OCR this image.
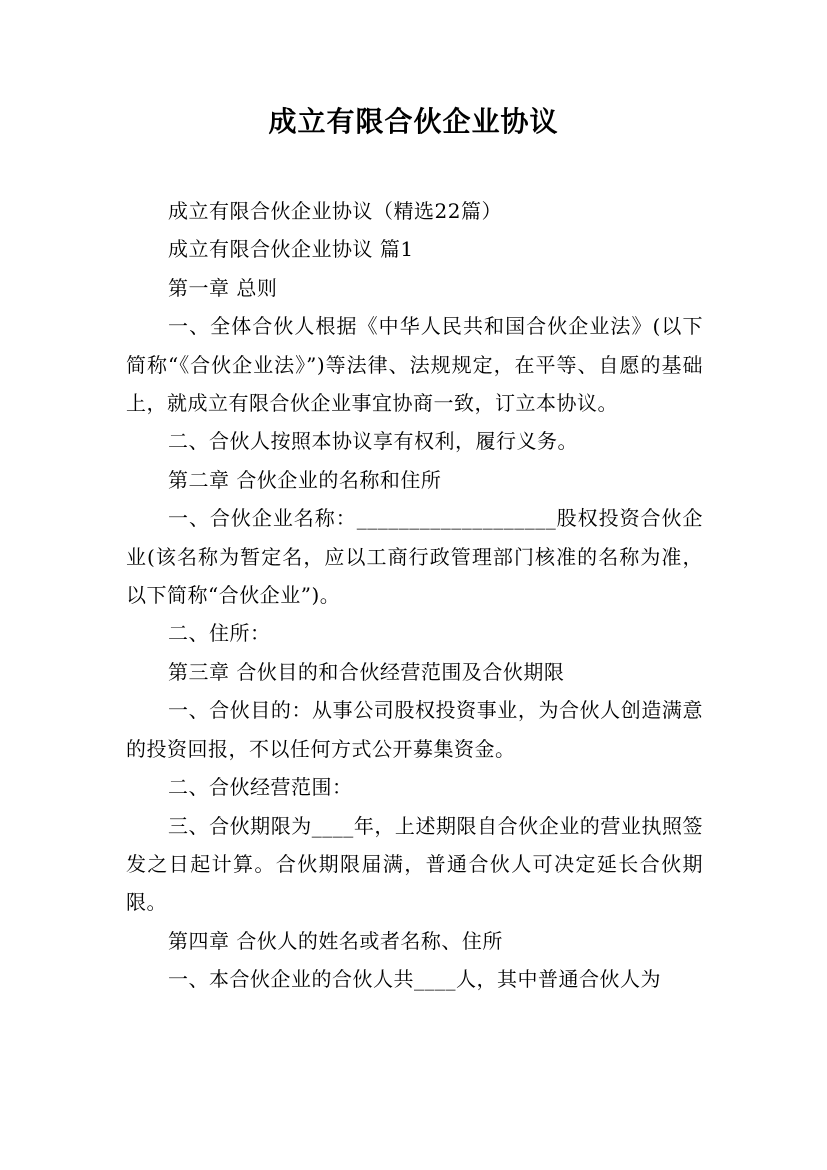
成立有限合伙企业协议

成立有限合伙企业协议（精选22篇）

成立有限合伙企业协议 篇1

第一章 总则

一、全体合伙人根据《中华人民共和国合伙企业法》(以下简称“《合伙企业法》”)等法律、法规规定，在平等、自愿的基础上，就成立有限合伙企业事宜协商一致，订立本协议。

二、合伙人按照本协议享有权利，履行义务。

第二章 合伙企业的名称和住所

一、合伙企业名称：___________________股权投资合伙企业(该名称为暂定名，应以工商行政管理部门核准的名称为准，以下简称“合伙企业”)。

二、住所：

第三章 合伙目的和合伙经营范围及合伙期限

一、合伙目的：从事公司股权投资事业，为合伙人创造满意的投资回报，不以任何方式公开募集资金。

二、合伙经营范围：

三、合伙期限为____年，上述期限自合伙企业的营业执照签发之日起计算。合伙期限届满，普通合伙人可决定延长合伙期限。

第四章 合伙人的姓名或者名称、住所

一、本合伙企业的合伙人共____人，其中普通合伙人为
